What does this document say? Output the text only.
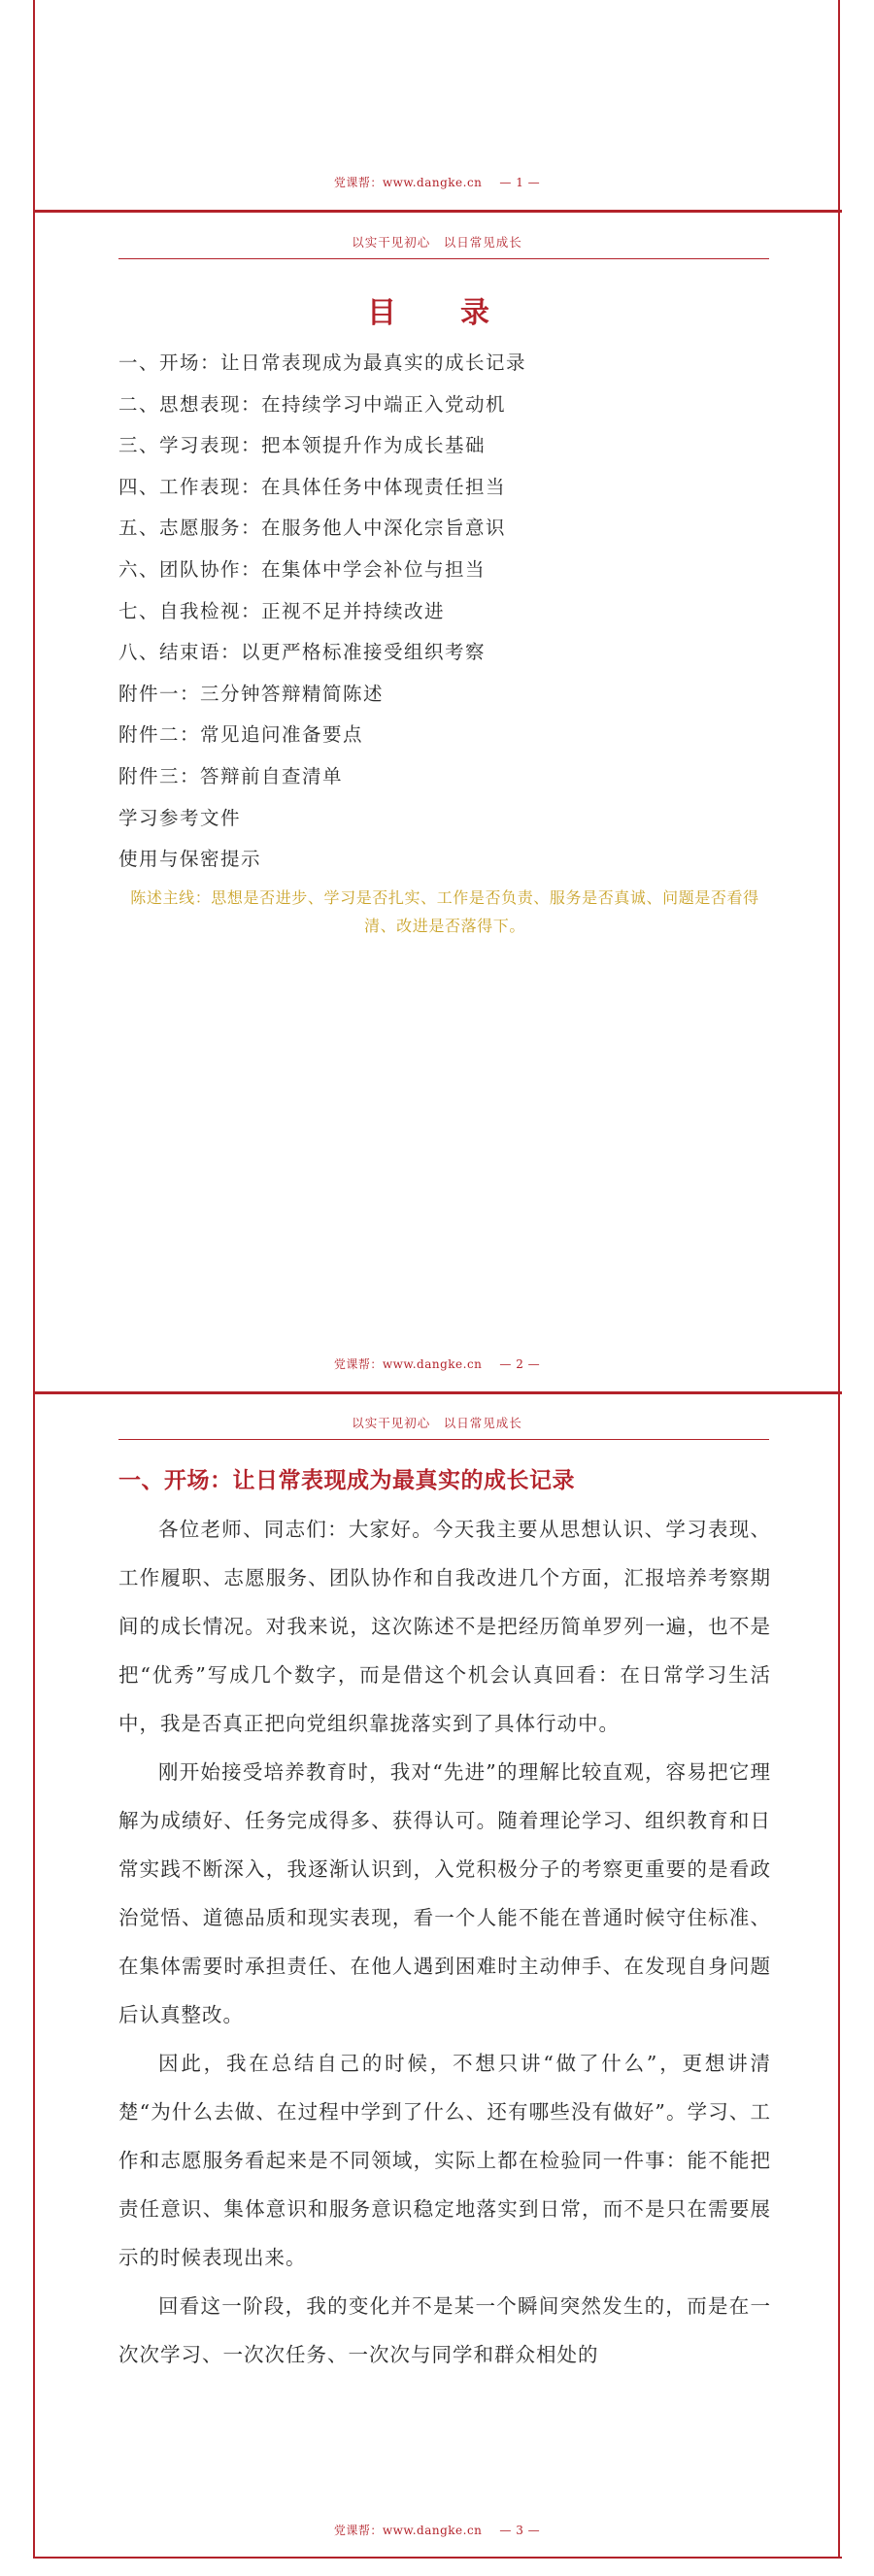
党课帮：www.dangke.cn — 1 —
以实干见初心　以日常见成长
目　录
一、开场：让日常表现成为最真实的成长记录
二、思想表现：在持续学习中端正入党动机
三、学习表现：把本领提升作为成长基础
四、工作表现：在具体任务中体现责任担当
五、志愿服务：在服务他人中深化宗旨意识
六、团队协作：在集体中学会补位与担当
七、自我检视：正视不足并持续改进
八、结束语：以更严格标准接受组织考察
附件一：三分钟答辩精简陈述
附件二：常见追问准备要点
附件三：答辩前自查清单
学习参考文件
使用与保密提示
陈述主线：思想是否进步、学习是否扎实、工作是否负责、服务是否真诚、问题是否看得清、改进是否落得下。
党课帮：www.dangke.cn — 2 —
以实干见初心　以日常见成长
一、开场：让日常表现成为最真实的成长记录

各位老师、同志们：大家好。今天我主要从思想认识、学习表现、工作履职、志愿服务、团队协作和自我改进几个方面，汇报培养考察期间的成长情况。对我来说，这次陈述不是把经历简单罗列一遍，也不是把“优秀”写成几个数字，而是借这个机会认真回看：在日常学习生活中，我是否真正把向党组织靠拢落实到了具体行动中。

刚开始接受培养教育时，我对“先进”的理解比较直观，容易把它理解为成绩好、任务完成得多、获得认可。随着理论学习、组织教育和日常实践不断深入，我逐渐认识到，入党积极分子的考察更重要的是看政治觉悟、道德品质和现实表现，看一个人能不能在普通时候守住标准、在集体需要时承担责任、在他人遇到困难时主动伸手、在发现自身问题后认真整改。

因此，我在总结自己的时候，不想只讲“做了什么”，更想讲清楚“为什么去做、在过程中学到了什么、还有哪些没有做好”。学习、工作和志愿服务看起来是不同领域，实际上都在检验同一件事：能不能把责任意识、集体意识和服务意识稳定地落实到日常，而不是只在需要展示的时候表现出来。

回看这一阶段，我的变化并不是某一个瞬间突然发生的，而是在一次次学习、一次次任务、一次次与同学和群众相处的

党课帮：www.dangke.cn — 3 —
